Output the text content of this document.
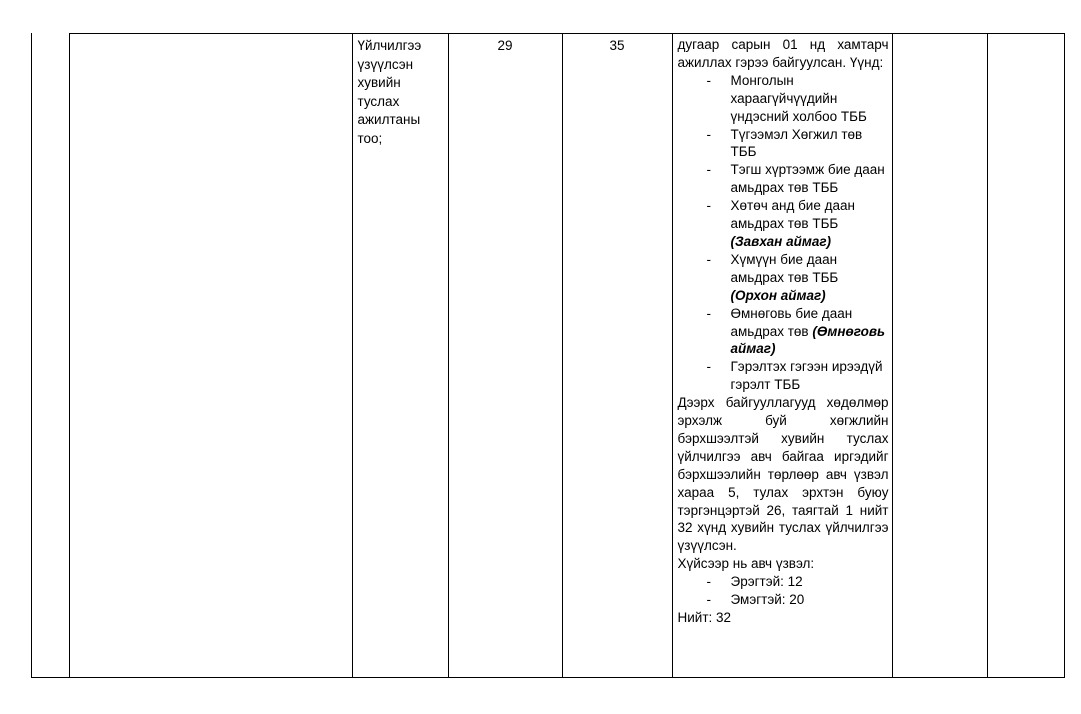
Үйлчилгээ үзүүлсэн хувийн туслах ажилтаны тоо;
29	35	дугаар сарын 01 нд хамтарч ажиллах гэрээ байгуулсан. Үүнд:

- Монголын хараагүйчүүдийн үндэсний холбоо ТББ
- Түгээмэл Хөгжил төв ТББ
- Тэгш хүртээмж бие даан амьдрах төв ТББ
- Хөтөч анд бие даан амьдрах төв ТББ (Завхан аймаг)
- Хүмүүн бие даан амьдрах төв ТББ (Орхон аймаг)
- Өмнөговь бие даан амьдрах төв (Өмнөговь аймаг)
- Гэрэлтэх гэгээн ирээдүй гэрэлт ТББ

Дээрх байгууллагууд хөдөлмөр эрхэлж буй хөгжлийн бэрхшээлтэй хувийн туслах үйлчилгээ авч байгаа иргэдийг бэрхшээлийн төрлөөр авч үзвэл хараа 5, тулах эрхтэн буюу тэргэнцэртэй 26, таягтай 1 нийт 32 хүнд хувийн туслах үйлчилгээ үзүүлсэн.

Хүйсээр нь авч үзвэл:

- Эрэгтэй: 12
- Эмэгтэй: 20

Нийт: 32
